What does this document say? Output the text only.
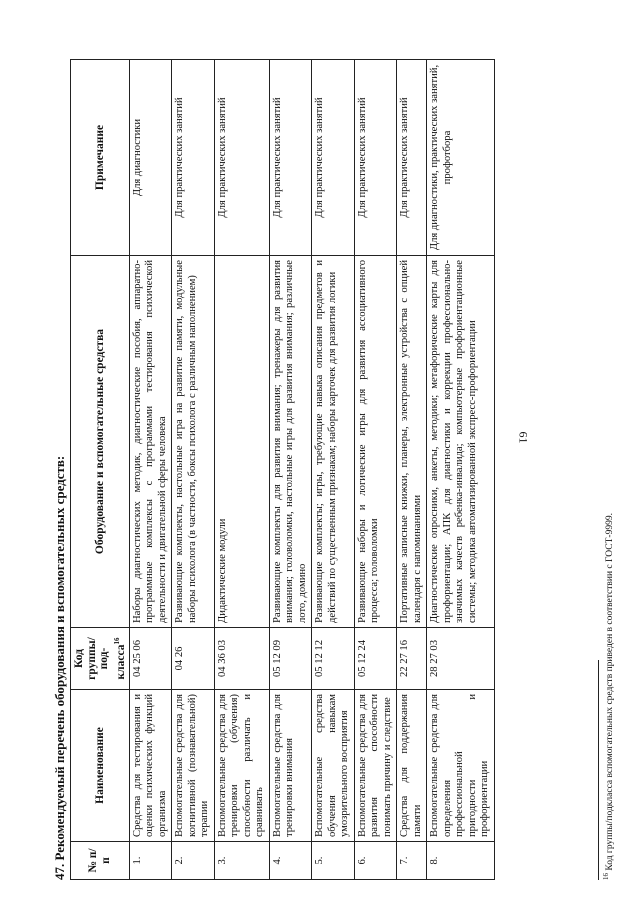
61
47. Рекомендуемый перечень оборудования и вспомогательных средств: № п/п	Наименование	Код группы/под-класса$^{16}$	Оборудование и вспомогательные средства	Примечание
1.	Средства для тестирования и оценки психических функций организма	04 25 06	Наборы диагностических методик, диагностические пособия, аппаратно-программные комплексы с программами тестирования психической деятельности и двигательной сферы человека	Для диагностики
2.	Вспомогательные средства для когнитивной (познавательной) терапии	04 26	Развивающие комплекты, настольные игра на развитие памяти, модульные наборы психолога (в частности, боксы психолога с различным наполнением)	Для практических занятий
3.	Вспомогательные средства для тренировки (обучения) способности различать и сравнивать	04 36 03	Дидактические модули	Для практических занятий
4.	Вспомогательные средства для тренировки внимания	05 12 09	Развивающие комплекты для развития внимания; тренажеры для развития внимания; головоломки, настольные игры для развития внимания; различные лото, домино	Для практических занятий
5.	Вспомогательные средства обучения навыкам умозрительного восприятия	05 12 12	Развивающие комплекты; игры, требующие навыка описания предметов и действий по существенным признакам; наборы карточек для развития логики	Для практических занятий
6.	Вспомогательные средства для развития способности понимать причину и следствие	05 12 24	Развивающие наборы и логические игры для развития ассоциативного процесса; головоломки	Для практических занятий
7.	Средства для поддержания памяти	22 27 16	Портативные записные книжки, планеры, электронные устройства с опцией календаря с напоминаниями	Для практических занятий
8.	Вспомогательные средства для определения профессиональной пригодности и профориентации	28 27 03	Диагностические опросники, анкеты, методики; метафорические карты для профориентации; АПК для диагностики и коррекции профессионально-значимых качеств ребенка-инвалида; компьютерные профориентационные системы; методика автоматизированной экспресс-профориентации	Для диагностики, практических занятий, профотбора
$^{16}$ Код группы/подкласса вспомогательных средств приведен в соответствии с ГОСТ-9999.
